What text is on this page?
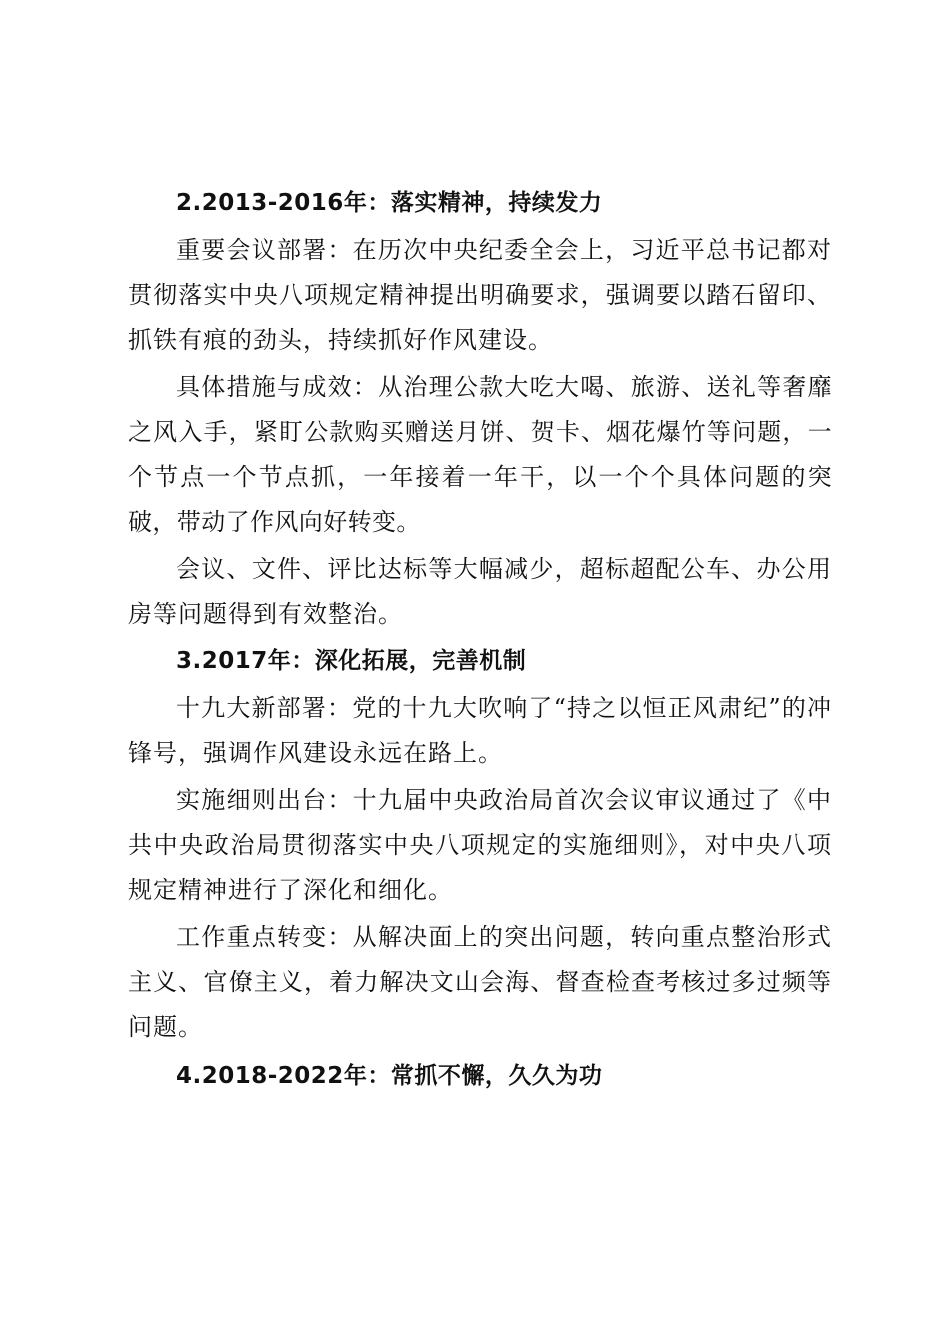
2.2013-2016年：落实精神，持续发力

重要会议部署：在历次中央纪委全会上，习近平总书记都对贯彻落实中央八项规定精神提出明确要求，强调要以踏石留印、抓铁有痕的劲头，持续抓好作风建设。

具体措施与成效：从治理公款大吃大喝、旅游、送礼等奢靡之风入手，紧盯公款购买赠送月饼、贺卡、烟花爆竹等问题，一个节点一个节点抓，一年接着一年干，以一个个具体问题的突破，带动了作风向好转变。

会议、文件、评比达标等大幅减少，超标超配公车、办公用房等问题得到有效整治。

3.2017年：深化拓展，完善机制

十九大新部署：党的十九大吹响了“持之以恒正风肃纪”的冲锋号，强调作风建设永远在路上。

实施细则出台：十九届中央政治局首次会议审议通过了《中共中央政治局贯彻落实中央八项规定的实施细则》，对中央八项规定精神进行了深化和细化。

工作重点转变：从解决面上的突出问题，转向重点整治形式主义、官僚主义，着力解决文山会海、督查检查考核过多过频等问题。

4.2018-2022年：常抓不懈，久久为功
